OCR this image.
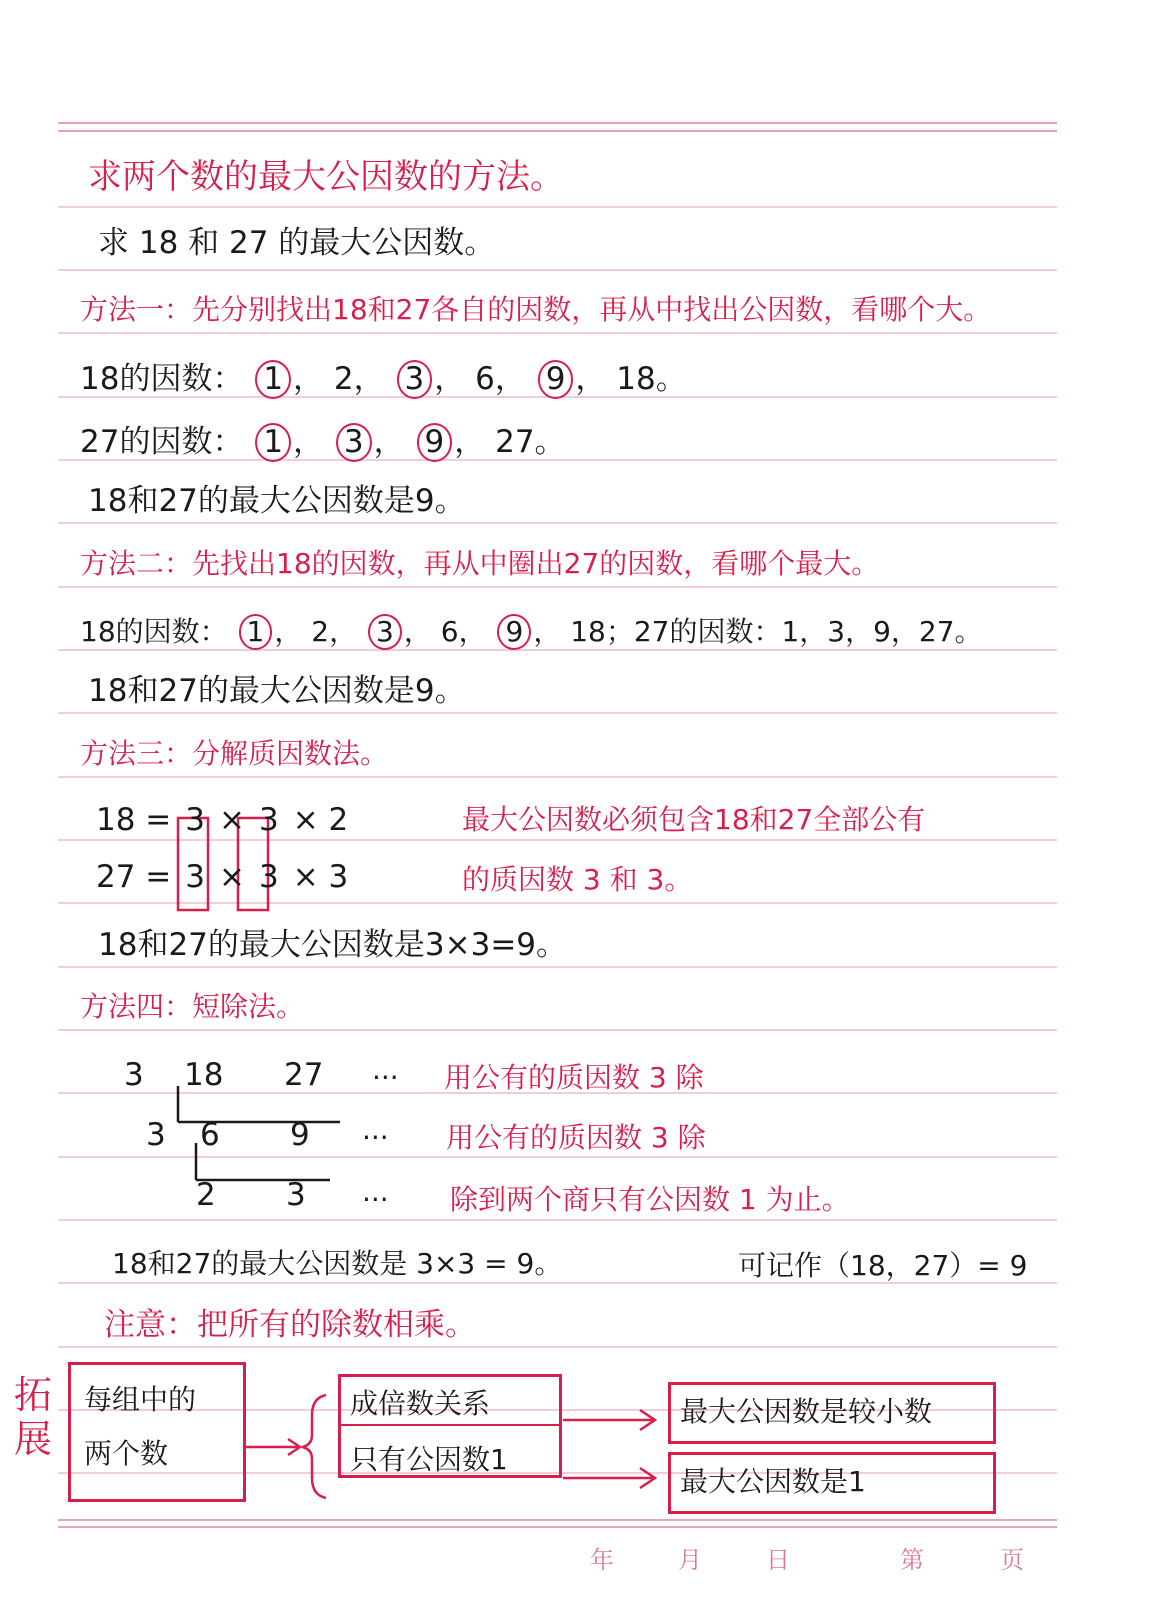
求两个数的最大公因数的方法。
求 18 和 27 的最大公因数。
方法一：先分别找出18和27各自的因数，再从中找出公因数，看哪个大。
18的因数： 1 ， 2， 3 ， 6， 9 ， 18。
27的因数： 1 ， 3 ， 9 ， 27。
18和27的最大公因数是9。
方法二：先找出18的因数，再从中圈出27的因数，看哪个最大。
18的因数： 1 ， 2， 3 ， 6， 9 ， 18；27的因数：1，3，9，27。
18和27的最大公因数是9。
方法三：分解质因数法。
18 = 3 × 3 × 2
27 = 3 × 3 × 3
最大公因数必须包含18和27全部公有
的质因数 3 和 3。
18和27的最大公因数是3×3=9。
方法四：短除法。
3 18 27 ··· 用公有的质因数 3 除
3 6 9 ··· 用公有的质因数 3 除
2 3 ··· 除到两个商只有公因数 1 为止。
18和27的最大公因数是 3×3 = 9。	可记作（18，27）= 9
注意：把所有的除数相乘。
拓展
每组中的
两个数
成倍数关系
只有公因数1
最大公因数是较小数
最大公因数是1
年	月	日	第	页
